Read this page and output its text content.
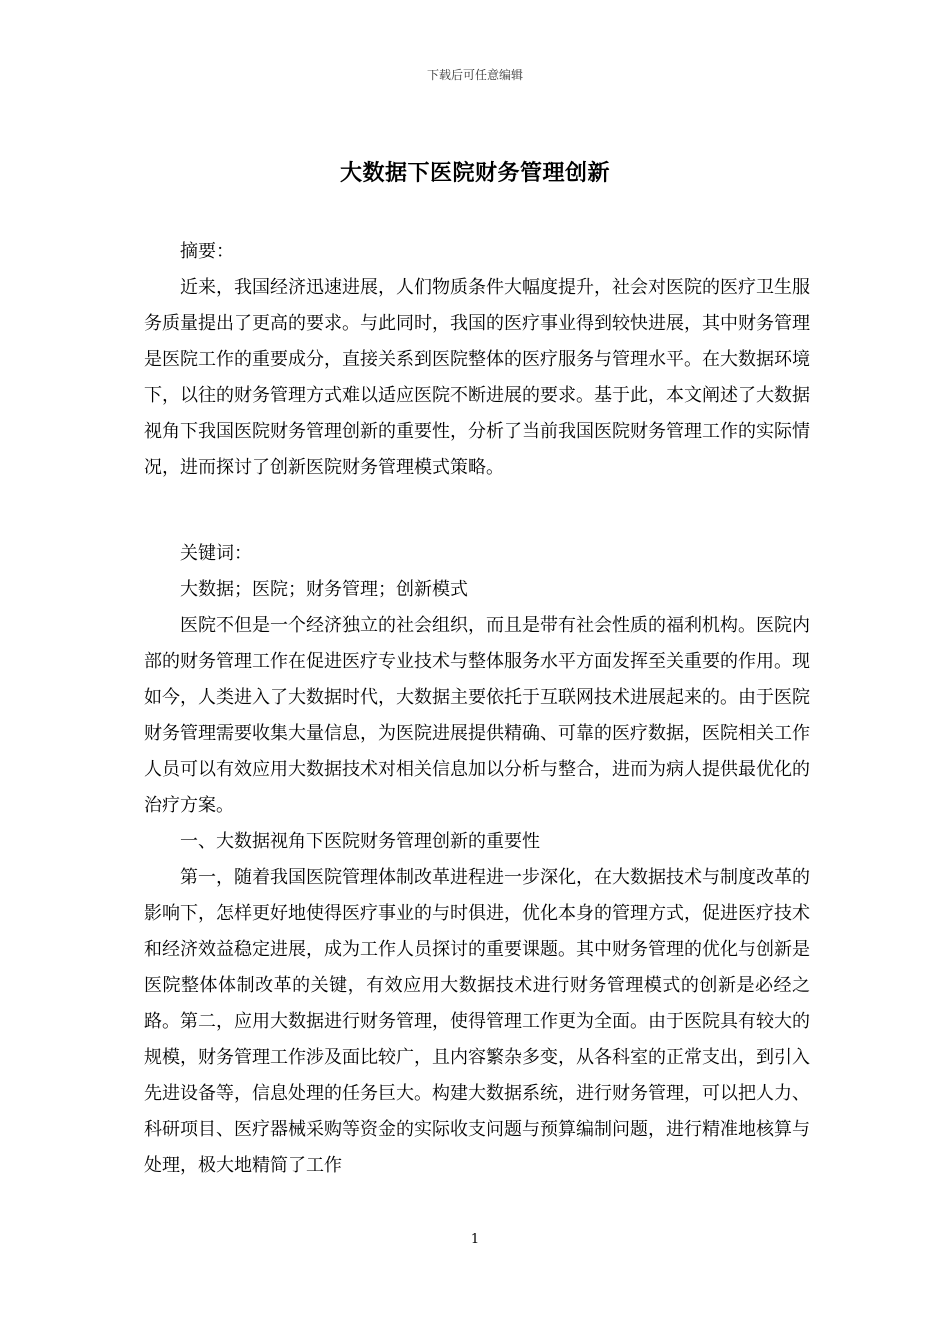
下载后可任意编辑
大数据下医院财务管理创新

摘要：

近来，我国经济迅速进展，人们物质条件大幅度提升，社会对医院的医疗卫生服务质量提出了更高的要求。与此同时，我国的医疗事业得到较快进展，其中财务管理是医院工作的重要成分，直接关系到医院整体的医疗服务与管理水平。在大数据环境下，以往的财务管理方式难以适应医院不断进展的要求。基于此，本文阐述了大数据视角下我国医院财务管理创新的重要性，分析了当前我国医院财务管理工作的实际情况，进而探讨了创新医院财务管理模式策略。

关键词：

大数据；医院；财务管理；创新模式

医院不但是一个经济独立的社会组织，而且是带有社会性质的福利机构。医院内部的财务管理工作在促进医疗专业技术与整体服务水平方面发挥至关重要的作用。现如今，人类进入了大数据时代，大数据主要依托于互联网技术进展起来的。由于医院财务管理需要收集大量信息，为医院进展提供精确、可靠的医疗数据，医院相关工作人员可以有效应用大数据技术对相关信息加以分析与整合，进而为病人提供最优化的治疗方案。

一、大数据视角下医院财务管理创新的重要性

第一，随着我国医院管理体制改革进程进一步深化，在大数据技术与制度改革的影响下，怎样更好地使得医疗事业的与时俱进，优化本身的管理方式，促进医疗技术和经济效益稳定进展，成为工作人员探讨的重要课题。其中财务管理的优化与创新是医院整体体制改革的关键，有效应用大数据技术进行财务管理模式的创新是必经之路。第二，应用大数据进行财务管理，使得管理工作更为全面。由于医院具有较大的规模，财务管理工作涉及面比较广，且内容繁杂多变，从各科室的正常支出，到引入先进设备等，信息处理的任务巨大。构建大数据系统，进行财务管理，可以把人力、科研项目、医疗器械采购等资金的实际收支问题与预算编制问题，进行精准地核算与处理，极大地精简了工作

1
